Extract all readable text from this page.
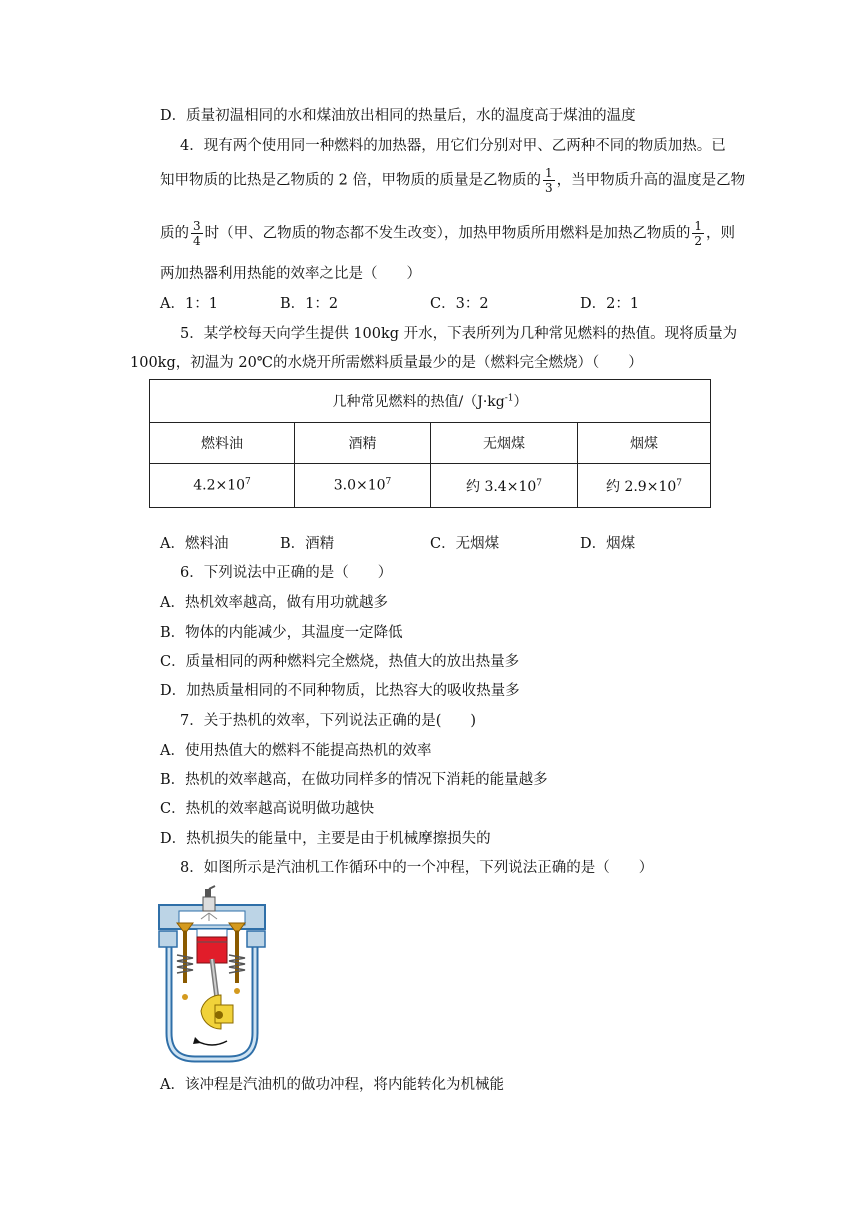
D．质量初温相同的水和煤油放出相同的热量后，水的温度高于煤油的温度
4．现有两个使用同一种燃料的加热器，用它们分别对甲、乙两种不同的物质加热。已
知甲物质的比热是乙物质的 2 倍，甲物质的质量是乙物质的 $\frac{1}{3}$ ，当甲物质升高的温度是乙物
质的 $\frac{3}{4}$ 时（甲、乙物质的物态都不发生改变），加热甲物质所用燃料是加热乙物质的 $\frac{1}{2}$ ，则
两加热器利用热能的效率之比是（　　）
A．1：1	B．1：2	C．3：2	D．2：1
5．某学校每天向学生提供 100kg 开水，下表所列为几种常见燃料的热值。现将质量为
100kg，初温为 20℃的水烧开所需燃料质量最少的是（燃料完全燃烧）（　　）
几种常见燃料的热值$/(J\cdot kg^{-1})$			
燃料油	酒精	无烟煤	烟煤
$4.2\times 10^7$	$3.0\times 10^7$	约 $3.4\times 10^7$	约 $2.9\times 10^7$
A．燃料油	B．酒精	C．无烟煤	D．烟煤
6．下列说法中正确的是（　　）
A．热机效率越高，做有用功就越多
B．物体的内能减少，其温度一定降低
C．质量相同的两种燃料完全燃烧，热值大的放出热量多
D．加热质量相同的不同种物质，比热容大的吸收热量多
7．关于热机的效率，下列说法正确的是(　　)
A．使用热值大的燃料不能提高热机的效率
B．热机的效率越高，在做功同样多的情况下消耗的能量越多
C．热机的效率越高说明做功越快
D．热机损失的能量中，主要是由于机械摩擦损失的
8．如图所示是汽油机工作循环中的一个冲程，下列说法正确的是（　　）
A．该冲程是汽油机的做功冲程，将内能转化为机械能
